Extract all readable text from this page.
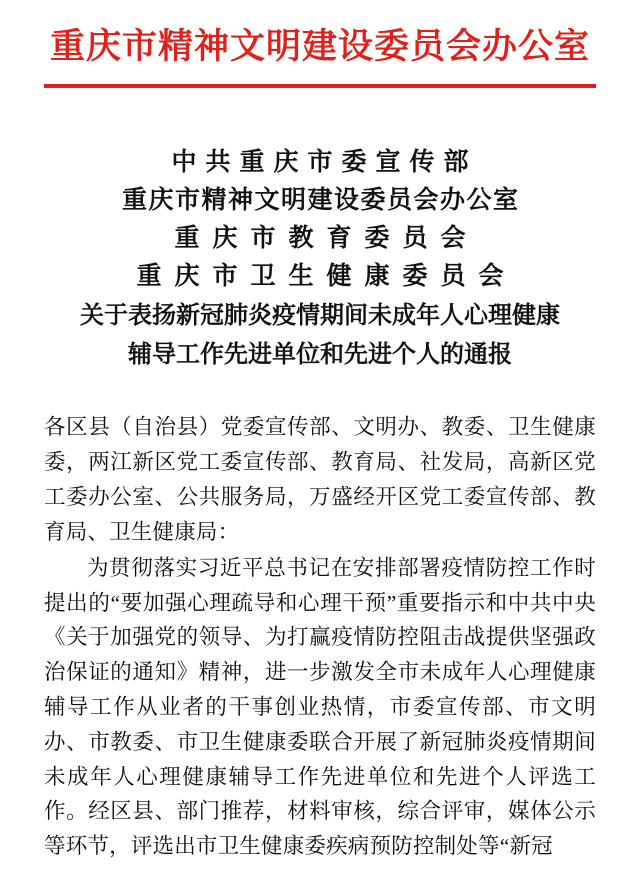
重庆市精神文明建设委员会办公室
中共重庆市委宣传部
重庆市精神文明建设委员会办公室
重庆市教育委员会
重庆市卫生健康委员会
关于表扬新冠肺炎疫情期间未成年人心理健康
辅导工作先进单位和先进个人的通报

各区县（自治县）党委宣传部、文明办、教委、卫生健康委，两江新区党工委宣传部、教育局、社发局，高新区党工委办公室、公共服务局，万盛经开区党工委宣传部、教育局、卫生健康局：

为贯彻落实习近平总书记在安排部署疫情防控工作时提出的“要加强心理疏导和心理干预”重要指示和中共中央《关于加强党的领导、为打赢疫情防控阻击战提供坚强政治保证的通知》精神，进一步激发全市未成年人心理健康辅导工作从业者的干事创业热情，市委宣传部、市文明办、市教委、市卫生健康委联合开展了新冠肺炎疫情期间未成年人心理健康辅导工作先进单位和先进个人评选工作。经区县、部门推荐，材料审核，综合评审，媒体公示等环节，评选出市卫生健康委疾病预防控制处等“新冠
